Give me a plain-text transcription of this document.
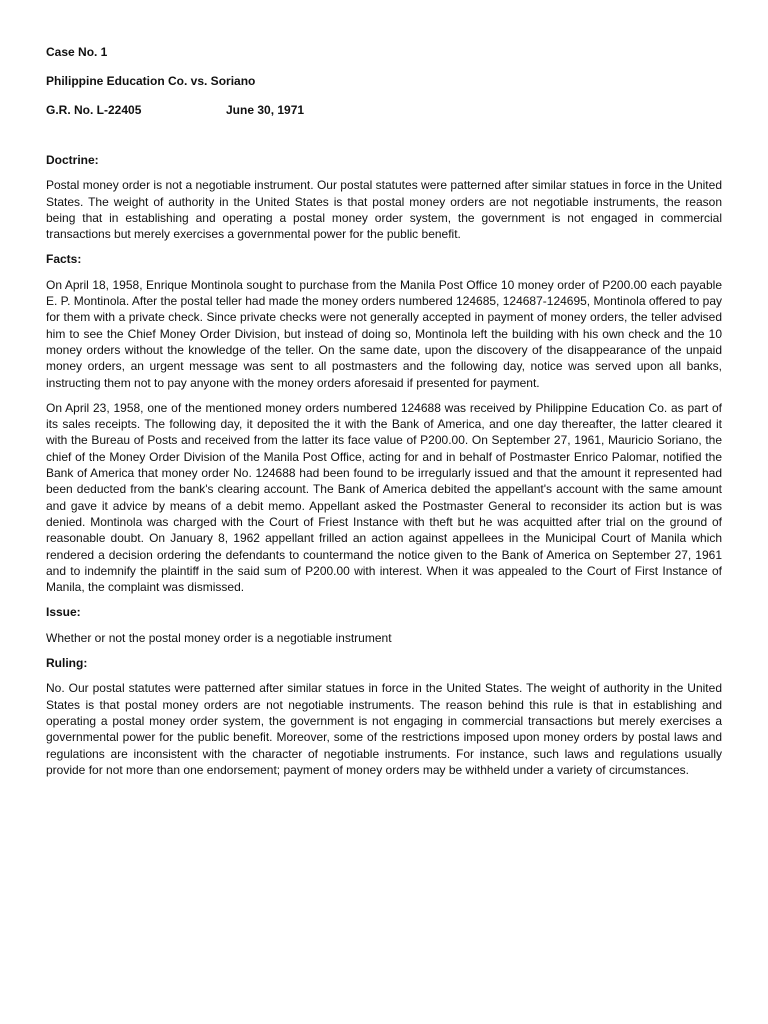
Case No. 1
Philippine Education Co. vs. Soriano
G.R. No. L-22405	June 30, 1971
Doctrine:

Postal money order is not a negotiable instrument. Our postal statutes were patterned after similar statues in force in the United States. The weight of authority in the United States is that postal money orders are not negotiable instruments, the reason being that in establishing and operating a postal money order system, the government is not engaged in commercial transactions but merely exercises a governmental power for the public benefit.

Facts:

On April 18, 1958, Enrique Montinola sought to purchase from the Manila Post Office 10 money order of P200.00 each payable E. P. Montinola. After the postal teller had made the money orders numbered 124685, 124687-124695, Montinola offered to pay for them with a private check. Since private checks were not generally accepted in payment of money orders, the teller advised him to see the Chief Money Order Division, but instead of doing so, Montinola left the building with his own check and the 10 money orders without the knowledge of the teller. On the same date, upon the discovery of the disappearance of the unpaid money orders, an urgent message was sent to all postmasters and the following day, notice was served upon all banks, instructing them not to pay anyone with the money orders aforesaid if presented for payment.

On April 23, 1958, one of the mentioned money orders numbered 124688 was received by Philippine Education Co. as part of its sales receipts. The following day, it deposited the it with the Bank of America, and one day thereafter, the latter cleared it with the Bureau of Posts and received from the latter its face value of P200.00. On September 27, 1961, Mauricio Soriano, the chief of the Money Order Division of the Manila Post Office, acting for and in behalf of Postmaster Enrico Palomar, notified the Bank of America that money order No. 124688 had been found to be irregularly issued and that the amount it represented had been deducted from the bank's clearing account. The Bank of America debited the appellant's account with the same amount and gave it advice by means of a debit memo. Appellant asked the Postmaster General to reconsider its action but is was denied. Montinola was charged with the Court of Friest Instance with theft but he was acquitted after trial on the ground of reasonable doubt. On January 8, 1962 appellant frilled an action against appellees in the Municipal Court of Manila which rendered a decision ordering the defendants to countermand the notice given to the Bank of America on September 27, 1961 and to indemnify the plaintiff in the said sum of P200.00 with interest. When it was appealed to the Court of First Instance of Manila, the complaint was dismissed.

Issue:

Whether or not the postal money order is a negotiable instrument

Ruling:

No. Our postal statutes were patterned after similar statues in force in the United States. The weight of authority in the United States is that postal money orders are not negotiable instruments. The reason behind this rule is that in establishing and operating a postal money order system, the government is not engaging in commercial transactions but merely exercises a governmental power for the public benefit. Moreover, some of the restrictions imposed upon money orders by postal laws and regulations are inconsistent with the character of negotiable instruments. For instance, such laws and regulations usually provide for not more than one endorsement; payment of money orders may be withheld under a variety of circumstances.
